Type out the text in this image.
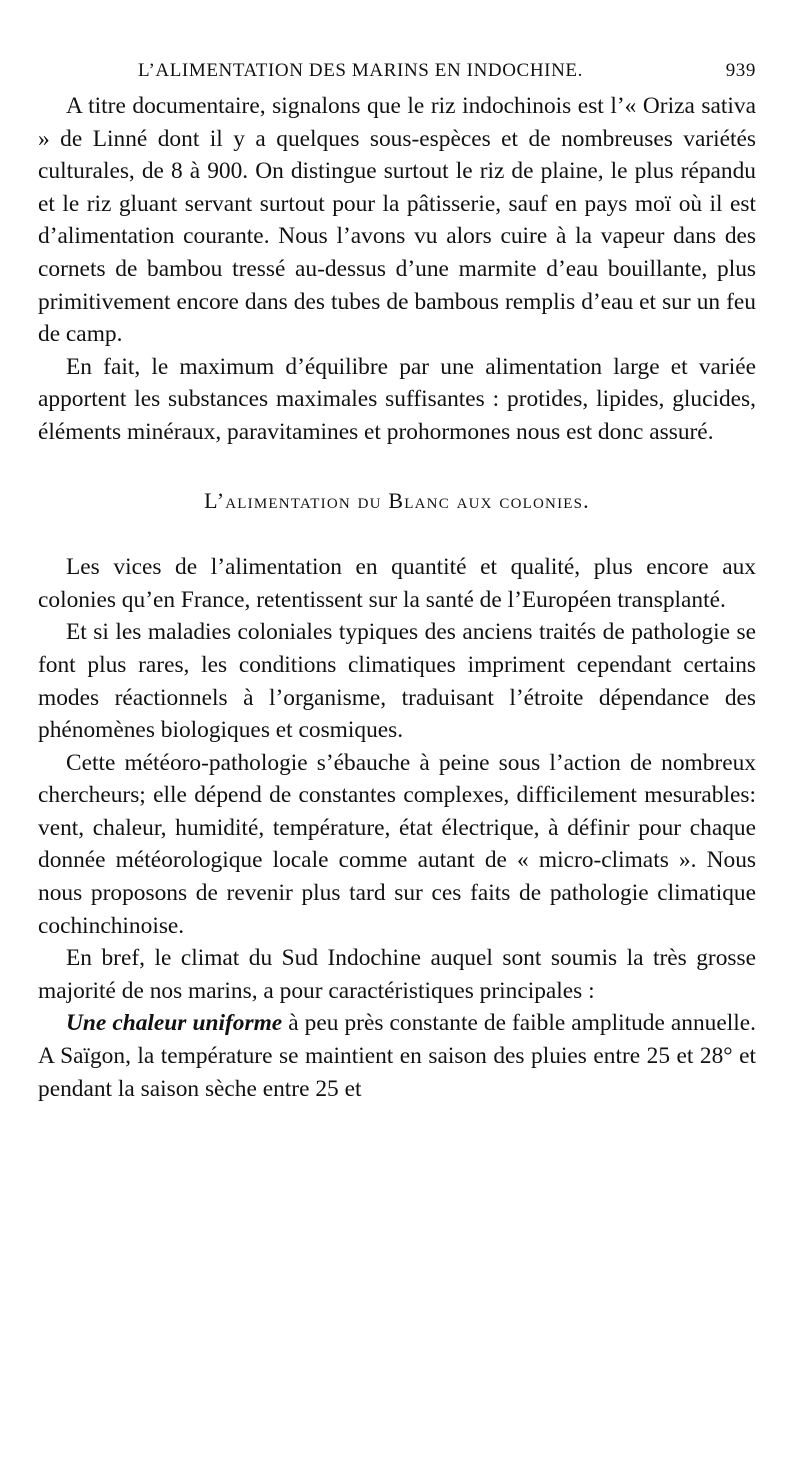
L’ALIMENTATION DES MARINS EN INDOCHINE.	939

A titre documentaire, signalons que le riz indochinois est l’« Oriza sativa » de Linné dont il y a quelques sous-espèces et de nombreuses variétés culturales, de 8 à 900. On distingue surtout le riz de plaine, le plus répandu et le riz gluant servant surtout pour la pâtisserie, sauf en pays moï où il est d’alimentation courante. Nous l’avons vu alors cuire à la vapeur dans des cornets de bambou tressé au-dessus d’une marmite d’eau bouillante, plus primitivement encore dans des tubes de bambous remplis d’eau et sur un feu de camp.

En fait, le maximum d’équilibre par une alimentation large et variée apportent les substances maximales suffisantes : protides, lipides, glucides, éléments minéraux, paravitamines et prohormones nous est donc assuré.

L’alimentation du Blanc aux colonies.

Les vices de l’alimentation en quantité et qualité, plus encore aux colonies qu’en France, retentissent sur la santé de l’Européen transplanté.

Et si les maladies coloniales typiques des anciens traités de pathologie se font plus rares, les conditions climatiques impriment cependant certains modes réactionnels à l’organisme, traduisant l’étroite dépendance des phénomènes biologiques et cosmiques.

Cette météoro-pathologie s’ébauche à peine sous l’action de nombreux chercheurs; elle dépend de constantes complexes, difficilement mesurables: vent, chaleur, humidité, température, état électrique, à définir pour chaque donnée météorologique locale comme autant de « micro-climats ». Nous nous proposons de revenir plus tard sur ces faits de pathologie climatique cochinchinoise.

En bref, le climat du Sud Indochine auquel sont soumis la très grosse majorité de nos marins, a pour caractéristiques principales :

Une chaleur uniforme à peu près constante de faible amplitude annuelle. A Saïgon, la température se maintient en saison des pluies entre 25 et 28° et pendant la saison sèche entre 25 et
